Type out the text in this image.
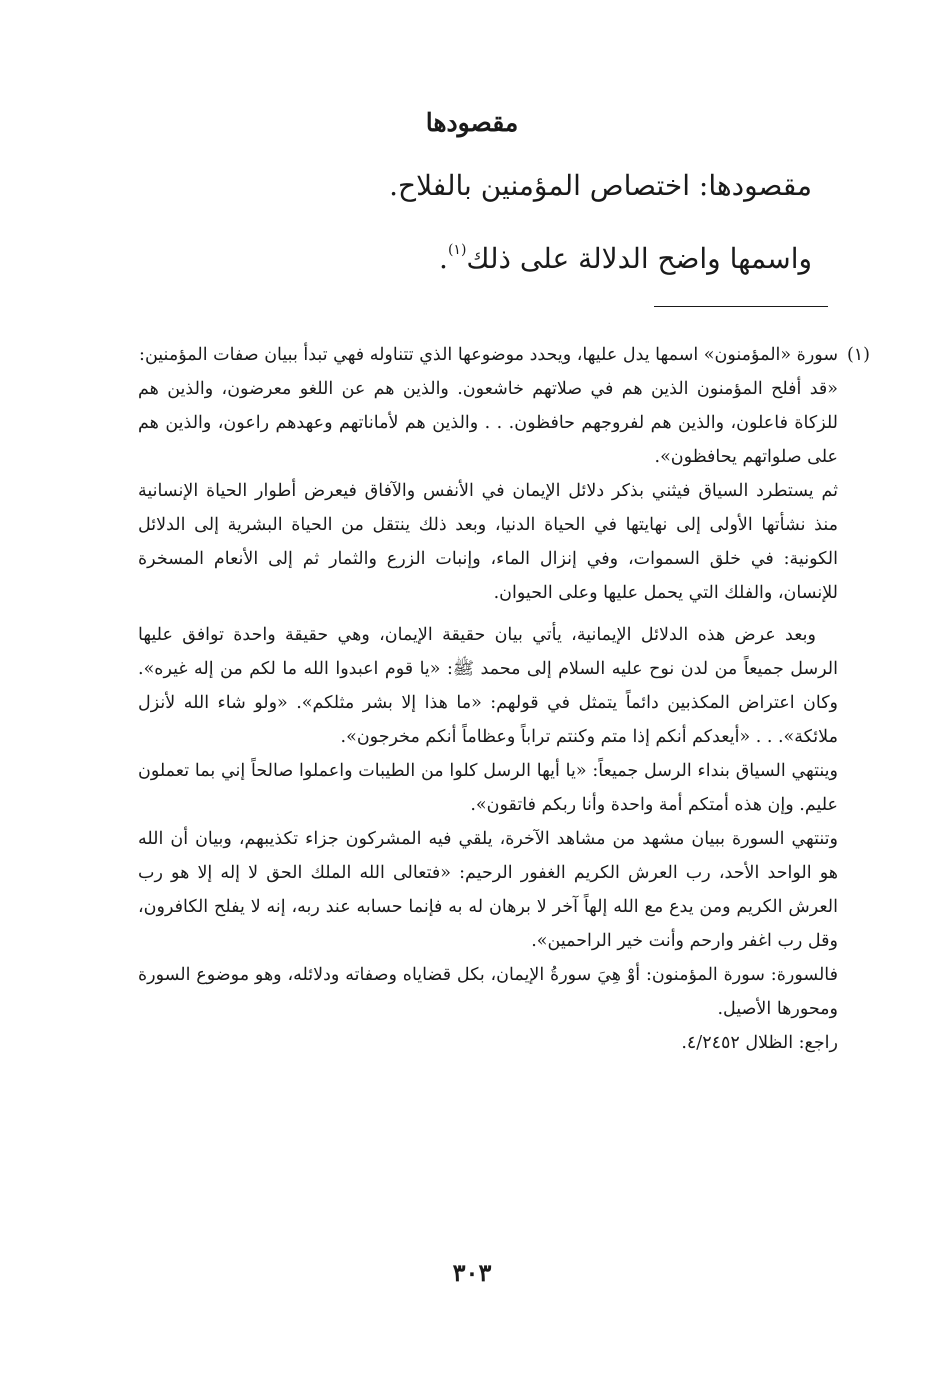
مقصودها
مقصودها: اختصاص المؤمنين بالفلاح.
واسمها واضح الدلالة على ذلك$^{(١)}$.

(١)
سورة «المؤمنون» اسمها يدل عليها، ويحدد موضوعها الذي تتناوله فهي تبدأ ببيان صفات المؤمنين:

«قد أفلح المؤمنون الذين هم في صلاتهم خاشعون. والذين هم عن اللغو معرضون، والذين هم للزكاة فاعلون، والذين هم لفروجهم حافظون. . . والذين هم لأماناتهم وعهدهم راعون، والذين هم على صلواتهم يحافظون».

ثم يستطرد السياق فيثني بذكر دلائل الإيمان في الأنفس والآفاق فيعرض أطوار الحياة الإنسانية منذ نشأتها الأولى إلى نهايتها في الحياة الدنيا، وبعد ذلك ينتقل من الحياة البشرية إلى الدلائل الكونية: في خلق السموات، وفي إنزال الماء، وإنبات الزرع والثمار ثم إلى الأنعام المسخرة للإنسان، والفلك التي يحمل عليها وعلى الحيوان.

وبعد عرض هذه الدلائل الإيمانية، يأتي بيان حقيقة الإيمان، وهي حقيقة واحدة توافق عليها الرسل جميعاً من لدن نوح عليه السلام إلى محمد ﷺ: «يا قوم اعبدوا الله ما لكم من إله غيره». وكان اعتراض المكذبين دائماً يتمثل في قولهم: «ما هذا إلا بشر مثلكم». «ولو شاء الله لأنزل ملائكة». . . «أيعدكم أنكم إذا متم وكنتم تراباً وعظاماً أنكم مخرجون».

وينتهي السياق بنداء الرسل جميعاً: «يا أيها الرسل كلوا من الطيبات واعملوا صالحاً إني بما تعملون عليم. وإن هذه أمتكم أمة واحدة وأنا ربكم فاتقون».

وتنتهي السورة ببيان مشهد من مشاهد الآخرة، يلقي فيه المشركون جزاء تكذيبهم، وبيان أن الله هو الواحد الأحد، رب العرش الكريم الغفور الرحيم: «فتعالى الله الملك الحق لا إله إلا هو رب العرش الكريم ومن يدع مع الله إلهاً آخر لا برهان له به فإنما حسابه عند ربه، إنه لا يفلح الكافرون، وقل رب اغفر وارحم وأنت خير الراحمين».

فالسورة: سورة المؤمنون: أوْ هِيَ سورةُ الإيمان، بكل قضاياه وصفاته ودلائله، وهو موضوع السورة ومحورها الأصيل.

راجع: الظلال ٤/٢٤٥٢.

٣٠٣
